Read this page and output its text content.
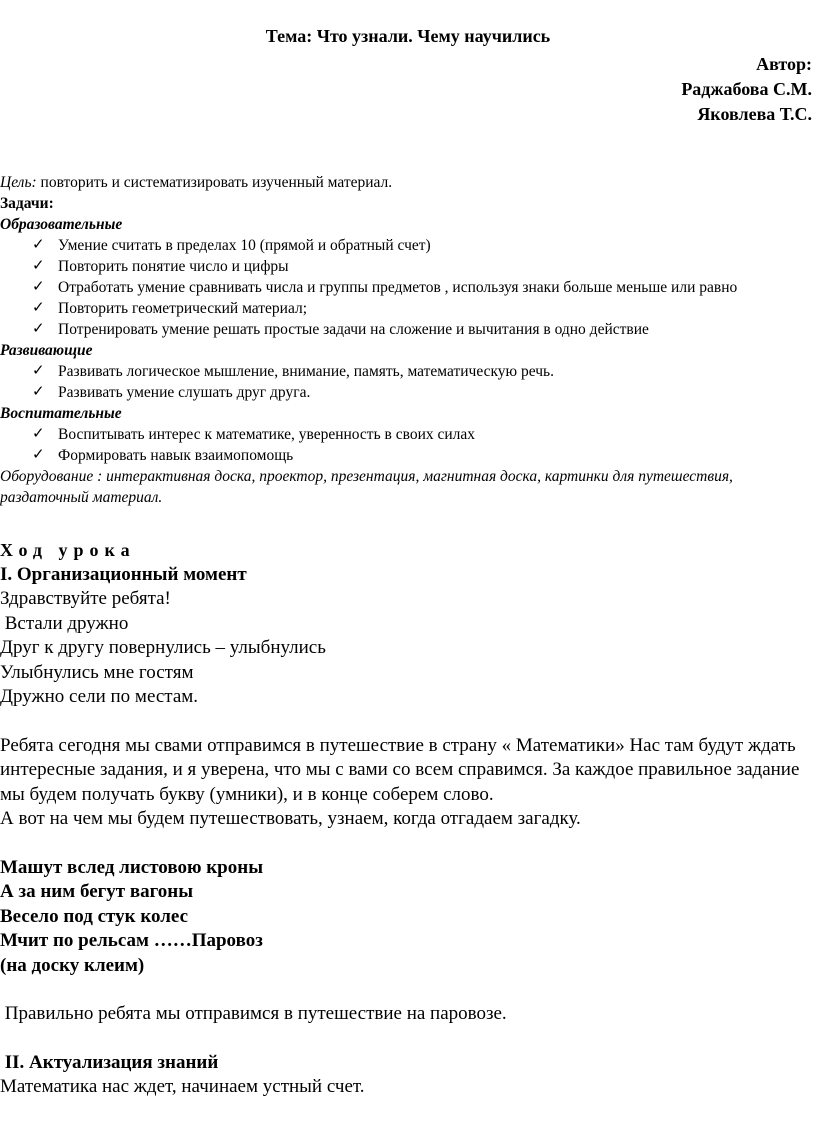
Тема: Что узнали. Чему научились
Автор:
Раджабова С.М.
Яковлева Т.С.

Цель: повторить и систематизировать изученный материал.

Задачи:

Образовательные

✓ Умение считать в пределах 10 (прямой и обратный счет)
✓ Повторить понятие число и цифры
✓ Отработать умение сравнивать числа и группы предметов , используя знаки больше меньше или равно
✓ Повторить геометрический материал;
✓ Потренировать умение решать простые задачи на сложение и вычитания в одно действие

Развивающие

✓ Развивать логическое мышление, внимание, память, математическую речь.
✓ Развивать умение слушать друг друга.

Воспитательные

✓ Воспитывать интерес к математике, уверенность в своих силах
✓ Формировать навык взаимопомощь

Оборудование : интерактивная доска, проектор, презентация, магнитная доска, картинки для путешествия, раздаточный материал.

Ход урока

I. Организационный момент

Здравствуйте ребята!

Встали дружно

Друг к другу повернулись – улыбнулись

Улыбнулись мне гостям

Дружно сели по местам.

Ребята сегодня мы свами отправимся в путешествие в страну « Математики» Нас там будут ждать интересные задания, и я уверена, что мы с вами со всем справимся. За каждое правильное задание мы будем получать букву (умники), и в конце соберем слово.

А вот на чем мы будем путешествовать, узнаем, когда отгадаем загадку.

Машут вслед листовою кроны

А за ним бегут вагоны

Весело под стук колес

Мчит по рельсам ……Паровоз

(на доску клеим)

Правильно ребята мы отправимся в путешествие на паровозе.

II. Актуализация знаний

Математика нас ждет, начинаем устный счет.
